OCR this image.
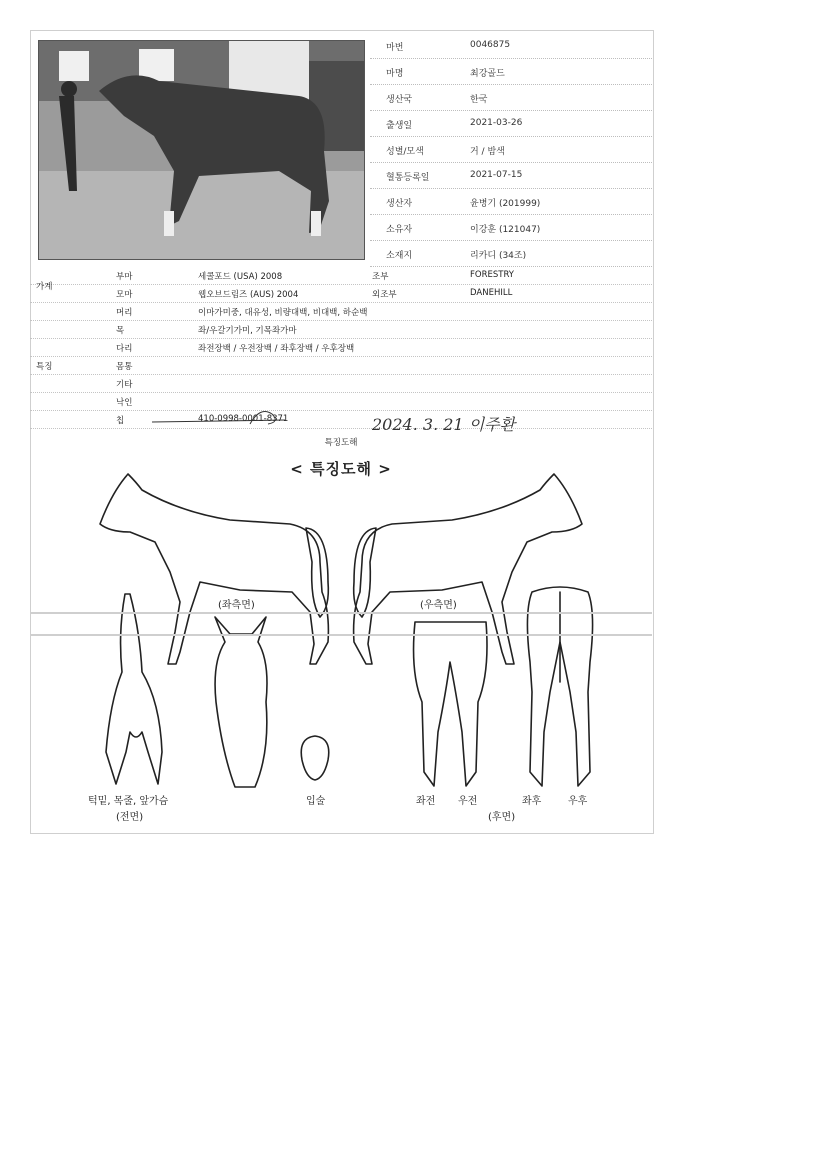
마번	0046875
마명	최강골드
생산국	한국
출생일	2021-03-26
성별/모색	거 / 밤색
혈통등록일	2021-07-15
생산자	윤병기 (201999)
소유자	이강훈 (121047)
소재지	리카디 (34조)
부마	세콜포드 (USA) 2008	조부	FORESTRY
모마	웹오브드림즈 (AUS) 2004	외조부	DANEHILL
가계
머리	이마가미중, 대유성, 비량대백, 비대백, 하순백
목	좌/우갈기가미, 기목좌가마
다리	좌전장백 / 우전장백 / 좌후장백 / 우후장백
몸통
기타
낙인
칩	410-0998-0001-8371
특징
2024. 3. 21 이주환
특징도해
< 특징도해 >
(좌측면)	(우측면)
턱밑, 목줄, 앞가슴
(전면)
입술	좌전 우전	좌후	우후
(후면)
